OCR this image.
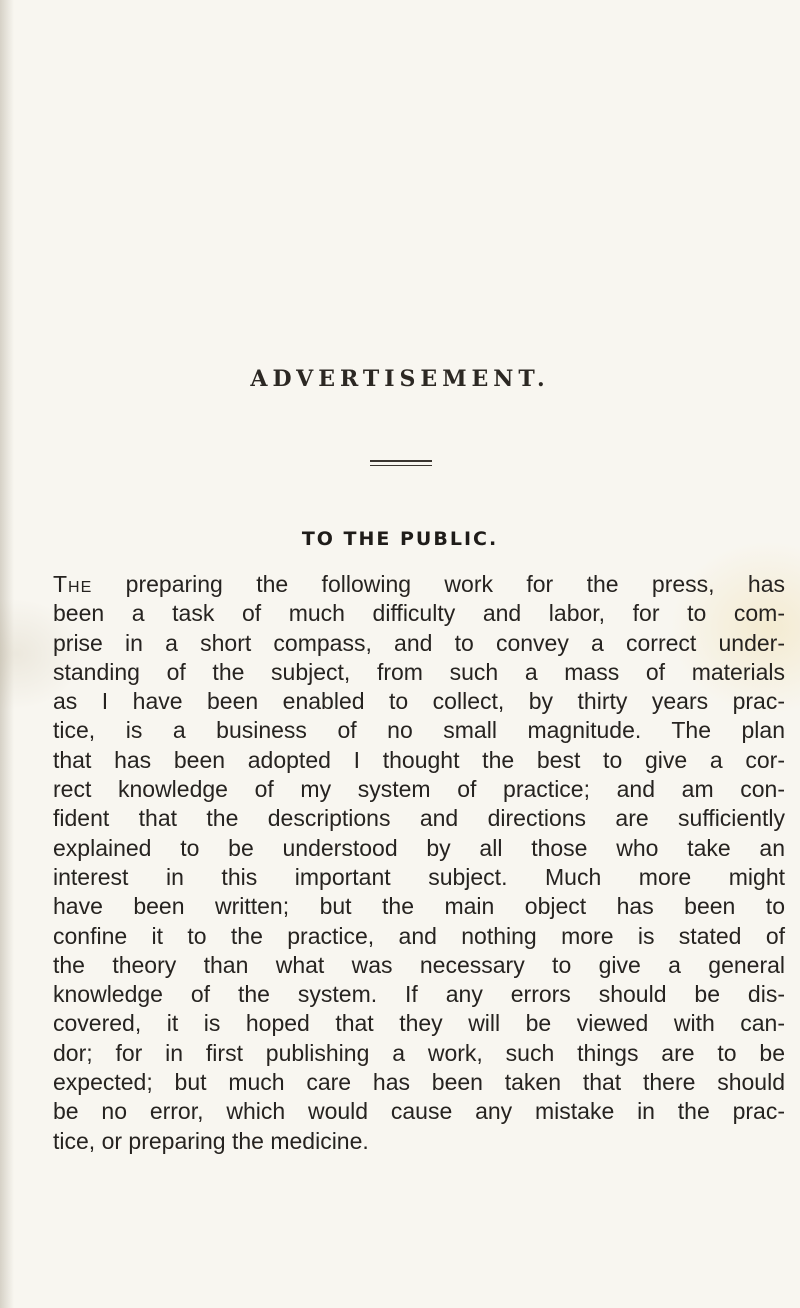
ADVERTISEMENT.
TO THE PUBLIC.
The preparing the following work for the press, has
been a task of much difficulty and labor, for to com-
prise in a short compass, and to convey a correct under-
standing of the subject, from such a mass of materials
as I have been enabled to collect, by thirty years prac-
tice, is a business of no small magnitude. The plan
that has been adopted I thought the best to give a cor-
rect knowledge of my system of practice; and am con-
fident that the descriptions and directions are sufficiently
explained to be understood by all those who take an
interest in this important subject. Much more might
have been written; but the main object has been to
confine it to the practice, and nothing more is stated of
the theory than what was necessary to give a general
knowledge of the system. If any errors should be dis-
covered, it is hoped that they will be viewed with can-
dor; for in first publishing a work, such things are to be
expected; but much care has been taken that there should
be no error, which would cause any mistake in the prac-
tice, or preparing the medicine.
